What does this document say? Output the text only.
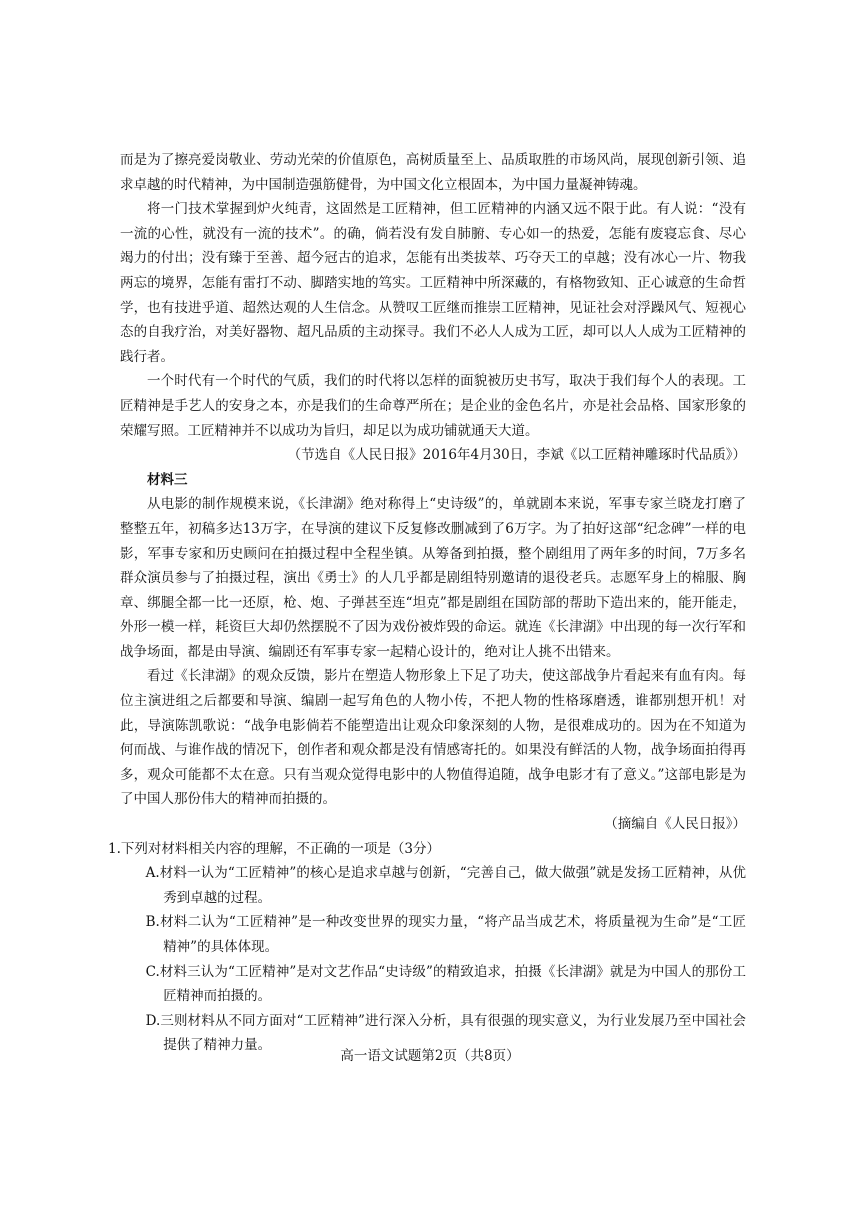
而是为了擦亮爱岗敬业、劳动光荣的价值原色，高树质量至上、品质取胜的市场风尚，展现创新引领、追求卓越的时代精神，为中国制造强筋健骨，为中国文化立根固本，为中国力量凝神铸魂。

将一门技术掌握到炉火纯青，这固然是工匠精神，但工匠精神的内涵又远不限于此。有人说：“没有一流的心性，就没有一流的技术”。的确，倘若没有发自肺腑、专心如一的热爱，怎能有废寝忘食、尽心竭力的付出；没有臻于至善、超今冠古的追求，怎能有出类拔萃、巧夺天工的卓越；没有冰心一片、物我两忘的境界，怎能有雷打不动、脚踏实地的笃实。工匠精神中所深藏的，有格物致知、正心诚意的生命哲学，也有技进乎道、超然达观的人生信念。从赞叹工匠继而推崇工匠精神，见证社会对浮躁风气、短视心态的自我疗治，对美好器物、超凡品质的主动探寻。我们不必人人成为工匠，却可以人人成为工匠精神的践行者。

一个时代有一个时代的气质，我们的时代将以怎样的面貌被历史书写，取决于我们每个人的表现。工匠精神是手艺人的安身之本，亦是我们的生命尊严所在；是企业的金色名片，亦是社会品格、国家形象的荣耀写照。工匠精神并不以成功为旨归，却足以为成功铺就通天大道。

（节选自《人民日报》2016年4月30日，李斌《以工匠精神雕琢时代品质》）

材料三

从电影的制作规模来说，《长津湖》绝对称得上“史诗级”的，单就剧本来说，军事专家兰晓龙打磨了整整五年，初稿多达13万字，在导演的建议下反复修改删减到了6万字。为了拍好这部“纪念碑”一样的电影，军事专家和历史顾问在拍摄过程中全程坐镇。从筹备到拍摄，整个剧组用了两年多的时间，7万多名群众演员参与了拍摄过程，演出《勇士》的人几乎都是剧组特别邀请的退役老兵。志愿军身上的棉服、胸章、绑腿全都一比一还原，枪、炮、子弹甚至连“坦克”都是剧组在国防部的帮助下造出来的，能开能走，外形一模一样，耗资巨大却仍然摆脱不了因为戏份被炸毁的命运。就连《长津湖》中出现的每一次行军和战争场面，都是由导演、编剧还有军事专家一起精心设计的，绝对让人挑不出错来。

看过《长津湖》的观众反馈，影片在塑造人物形象上下足了功夫，使这部战争片看起来有血有肉。每位主演进组之后都要和导演、编剧一起写角色的人物小传，不把人物的性格琢磨透，谁都别想开机！对此，导演陈凯歌说：“战争电影倘若不能塑造出让观众印象深刻的人物，是很难成功的。因为在不知道为何而战、与谁作战的情况下，创作者和观众都是没有情感寄托的。如果没有鲜活的人物，战争场面拍得再多，观众可能都不太在意。只有当观众觉得电影中的人物值得追随，战争电影才有了意义。”这部电影是为了中国人那份伟大的精神而拍摄的。

（摘编自《人民日报》）

1.下列对材料相关内容的理解，不正确的一项是（3分）

A.材料一认为“工匠精神”的核心是追求卓越与创新，“完善自己，做大做强”就是发扬工匠精神，从优秀到卓越的过程。

B.材料二认为“工匠精神”是一种改变世界的现实力量，“将产品当成艺术，将质量视为生命”是“工匠精神”的具体体现。

C.材料三认为“工匠精神”是对文艺作品“史诗级”的精致追求，拍摄《长津湖》就是为中国人的那份工匠精神而拍摄的。

D.三则材料从不同方面对“工匠精神”进行深入分析，具有很强的现实意义，为行业发展乃至中国社会提供了精神力量。

高一语文试题第2页（共8页）
